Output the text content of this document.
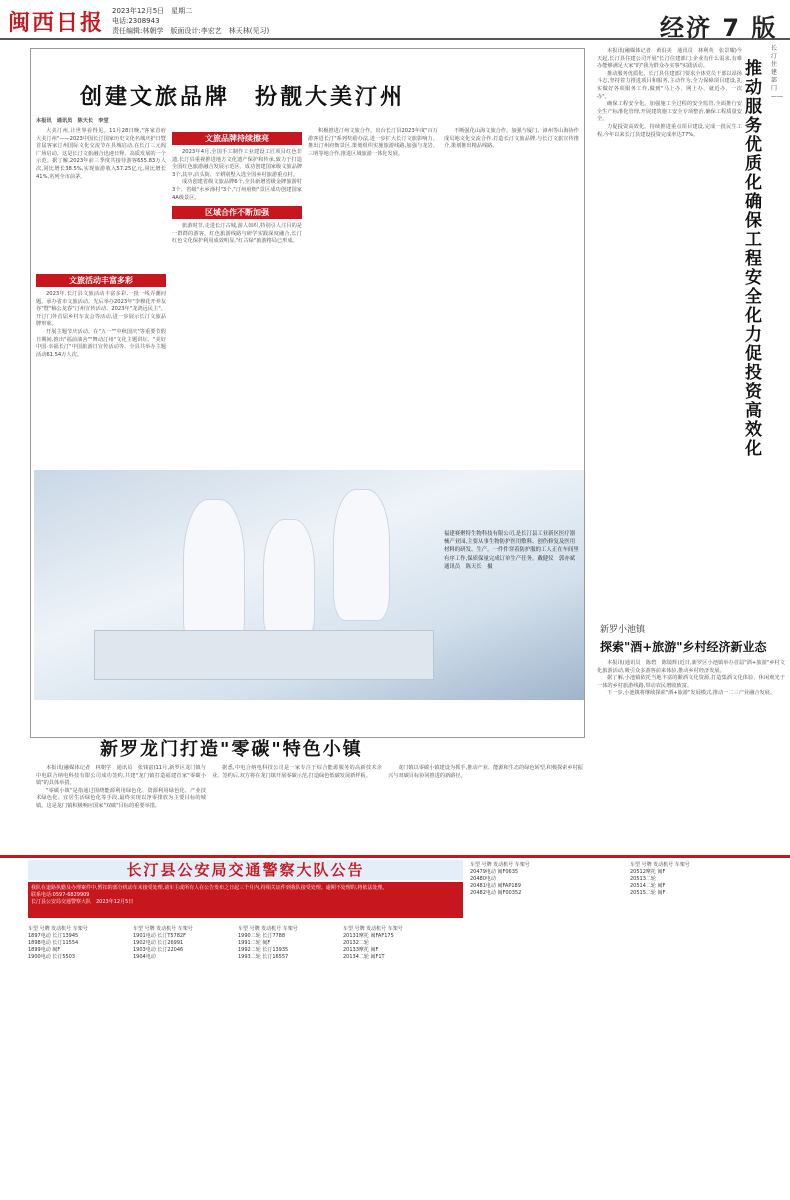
闽西日报 2023年12月5日　星期二
电话:2308943
责任编辑:林朝学　版面设计:李宏艺　林天林(见习)	经济 7 版
创建文旅品牌　扮靓大美汀州
本报讯　通讯员　陈天长　李堂

大美汀州,让世界看得见。11月28日晚,"客家首府　大美汀州"——2023中国长汀国家历史文化名城庆护日暨首届客家汀州国际文化交流节在县城启动,在长汀三元阁广场启动。这是长汀文旅融合迅速日释、高质发展的一个示范。据了解,2023年前三季度共接待游客655.83万人次,同比增长38.5%,实现旅游收入57.25亿元,同比增长41%,名列全市前茅。

文旅活动丰富多彩

2023年,长汀县文旅活动丰富多彩,一批一线弄潮问题。承办省市文旅活动。先后举办2023年"李穆花开养友谷"暨"稿公龙春"汀州宣传活动、2023年"龙鸿远民主"、开汀门外首届乡村车友会等活动,进一步展示长汀文旅品牌形象。

开展主题节庆活动。在"五一""中秋国庆"等重要节假日期间,推出"福前油舍""舞动汀州"文化主题讲坛、"美好中国·幸福长汀"中国旅游日宣传活动等。全县共举办主题活动61.54万人次。

文旅品牌持续擦亮

2023年4月,全国手工制作工业建设工匠项目红色非遗,长汀县重视推进地方文化遗产保护和传承,致力于打造全国红色旅游融合发展示范区。成功创建国家级文旅品牌3个,其中,店头街、辛耕别墅入选全国乡村旅游重点村。

成功创建省级文旅品牌6个,全县新增省级金牌旅游村3个、省级"水乡渔村"3个,"汀州府衙"景区成功创建国家4A级景区。

区域合作不断加强

旅游时节,走进长汀古城,游人如织,特别引人注目的是一群群的游客。红色旅游线路与研学实践深度融合,长汀红色文化保护利用成效明显,"红古绿"旅游格局已形成。

积极推进汀州文旅合作。出台长汀县2023年度"百万游客进长汀"系列奖励办法,进一步扩大长汀文旅影响力。推出汀州府衙景区,策划组织实施旅游线路,加强与龙岩、三明等地合作,推进区域旅游一体化发展。

不断强化山海文旅合作。加强与厦门、漳州等山海协作成员地文化交流合作,打造长汀文旅品牌,与长汀文旅宣传推介,策划推出精品线路。

福建赛聚特生物科技有限公司,是长汀县工业新区医疗器械产业园,主要从事生物防护医用敷料、创伤修复及医用材料的研发、生产。一件件穿着防护服的工人正在车间里有序工作,保质保量完成订单生产任务。戴健仪　郭亦斌　通讯员　陈天长　摄
新罗龙门打造"零碳"特色小镇

本报讯(融媒体记者　林朝学　通讯员　张钱富)11月,新罗区龙门镇与中电联合纳电科技有限公司成功签约,共建"龙门镇打造福建首家"零碳小镇"的具体举措。

"零碳小镇"是指通过围绕能源利用绿色化、资源利用绿色化、产业技术绿色化、宜居生活绿色化等手段,最终实现以净零排放为主要目标的城镇。这是龙门镇积极响应国家"双碳"目标的重要举措。

据悉,中电合纳电科技公司是一家专注于综合能源服务的高新技术企业。签约后,双方将在龙门镇开展零碳示范,打造绿色低碳发展新样板。

龙门镇以零碳小镇建设为抓手,推动产业、能源和生态的绿色转型,积极探索乡村振兴与双碳目标协同推进的新路径。

长汀住建部门——
推动服务优质化　确保工程安全化　力促投资高效化

本报讯(融媒体记者　黄沿美　通讯员　林利英　张景耀)今天起,长汀县住建公司开展"长汀住建部门:企业有什么需求,有难办能够满足大家"的"我为群众办实事"实践活动。

推动服务优质化。长汀县住建部门要求全体党员干部以昂扬斗志,坚持着力推进项目和服务,主动作为,全力保障项目建设,扎实做好各项服务工作,做到"马上办、网上办、就近办、一次办"。

确保工程安全化。加强施工全过程的安全监管,全面推行安全生产标准化管理,开展建筑施工安全专项整治,确保工程质量安全。

力促投资高效化。持续推进重点项目建设,完成一批民生工程,今年以来长汀县建设投资完成率达77%。

新罗小池镇
探索"酒+旅游"乡村经济新业态

本报讯(通讯员　陈碧　陈镜辉)近日,新罗区小池镇举办首届"酒+旅游"乡村文化旅游活动,吸引众多游客前来体验,推动乡村经济发展。

据了解,小池镇依托当地丰富的酿酒文化资源,打造集酒文化体验、休闲观光于一体的乡村旅游线路,带动农民增收致富。

下一步,小池镇将继续探索"酒+旅游"发展模式,推动一二三产业融合发展。

长汀县公安局交通警察大队公告
我队在道路执勤及办理案件中,暂扣的部分机动车未接受处理,请车主或所有人在公告发布之日起三个月内,持相关证件到我队接受处理。逾期不处理的,将依法处理。
联系电话:0597-6829909
长汀县公安局交通警察大队　2023年12月5日
车型 号牌 发动机号 车架号
1897电动 长汀13945
1898电动 长汀11554
1899电动 闽F
1900电动 长汀5503
车型 号牌 发动机号 车架号
1901电动 长汀T5782F
1902电动 长汀26991
1903电动 长汀22046
1904电动
车型 号牌 发动机号 车架号
1990二轮 长汀7788
1991二轮 闽F
1992二轮 长汀13935
1993二轮 长汀16557
车型 号牌 发动机号 车架号
20131摩托 闽FAF175
20132二轮
20133摩托 闽F
20134二轮 闽F1T
车型 号牌 发动机号 车架号
20479电动 闽F0635
20480电动
20481电动 闽FAP189
20482电动 闽F00352
车型 号牌 发动机号 车架号
20512摩托 闽F
20513二轮
20514二轮 闽F
20515二轮 闽F
